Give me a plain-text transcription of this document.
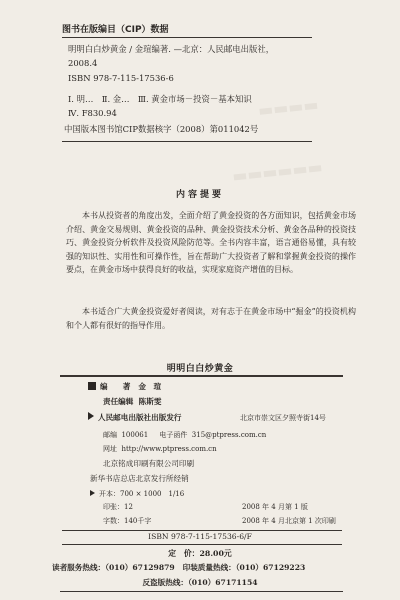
▬▬▬▬
▬▬▬▬▬▬
图书在版编目（CIP）数据
明明白白炒黄金 / 金瑄编著. —北京：人民邮电出版社，
2008.4
ISBN 978-7-115-17536-6
Ⅰ. 明…　Ⅱ. 金…　Ⅲ. 黄金市场－投资－基本知识
Ⅳ. F830.94
中国版本图书馆CIP数据核字（2008）第011042号
内容提要
本书从投资者的角度出发，全面介绍了黄金投资的各方面知识，包括黄金市场介绍、黄金交易规则、黄金投资的品种、黄金投资技术分析、黄金各品种的投资技巧、黄金投资分析软件及投资风险防范等。全书内容丰富，语言通俗易懂，具有较强的知识性、实用性和可操作性，旨在帮助广大投资者了解和掌握黄金投资的操作要点，在黄金市场中获得良好的收益，实现家庭资产增值的目标。
本书适合广大黄金投资爱好者阅读，对有志于在黄金市场中“掘金”的投资机构和个人都有很好的指导作用。
明明白白炒黄金
编　　著 金　瑄
责任编辑 陈斯雯
人民邮电出版社出版发行	北京市崇文区夕照寺街14号
邮编 100061 电子函件 315@ptpress.com.cn
网址 http://www.ptpress.com.cn
北京铭成印刷有限公司印刷
新华书店总店北京发行所经销
开本：700 × 1000　1/16
印张：12	2008 年 4 月第 1 版
字数：140千字	2008 年 4 月北京第 1 次印刷
ISBN 978-7-115-17536-6/F
定　价：28.00元
读者服务热线：（010）67129879 印装质量热线：（010）67129223
反盗版热线：（010）67171154
